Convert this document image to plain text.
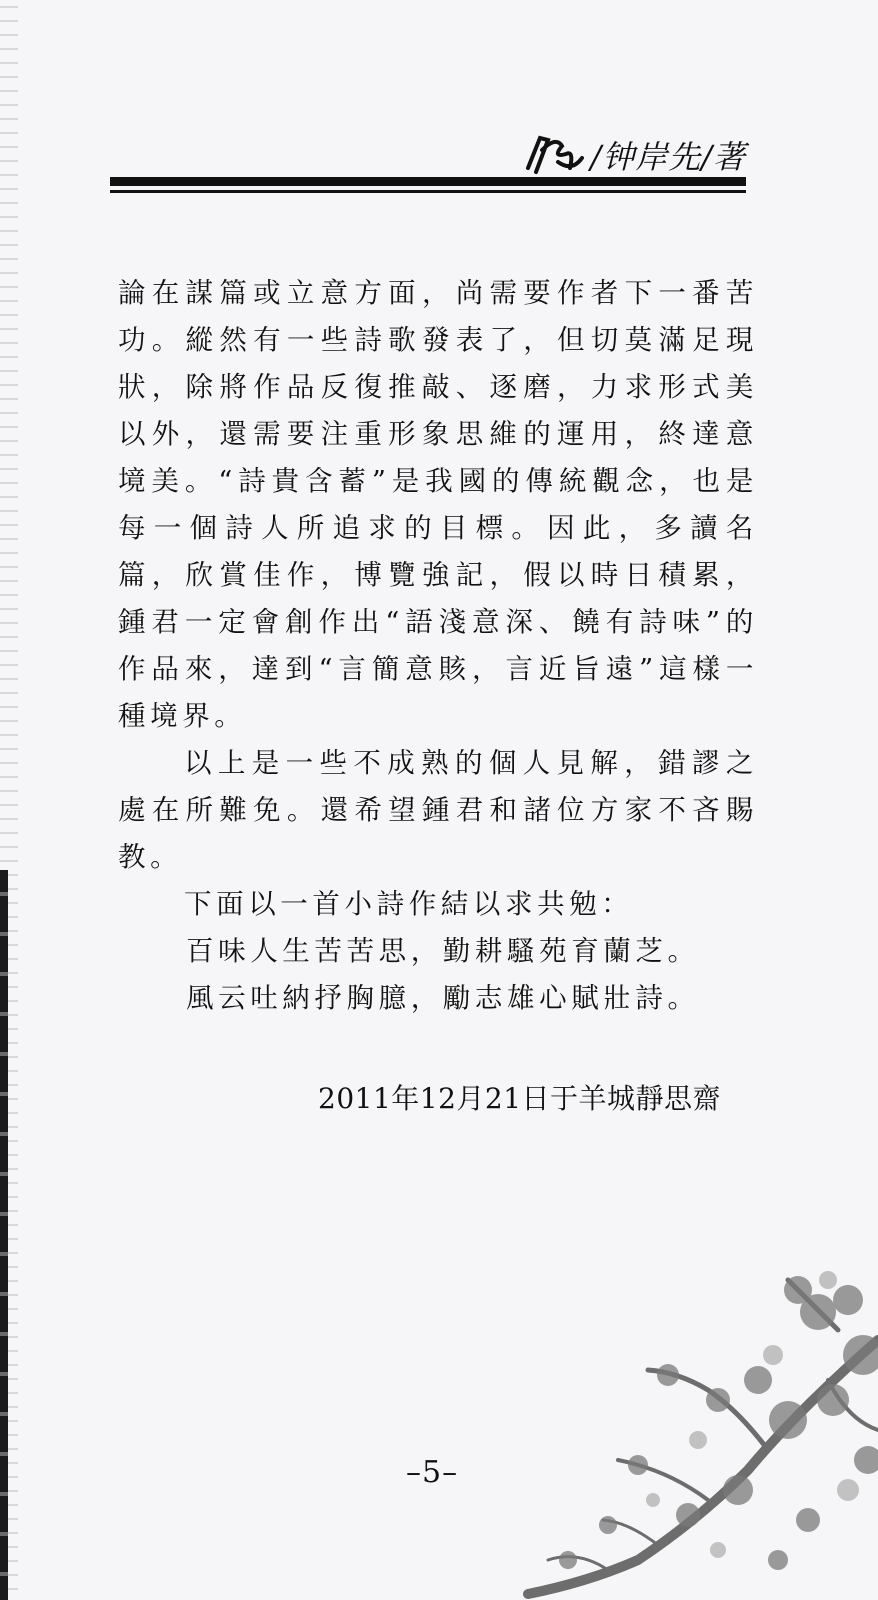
/钟岸先/著

論在謀篇或立意方面，尚需要作者下一番苦功。縱然有一些詩歌發表了，但切莫滿足現狀，除將作品反復推敲、逐磨，力求形式美以外，還需要注重形象思維的運用，終達意境美。“詩貴含蓄”是我國的傳統觀念，也是每一個詩人所追求的目標。因此，多讀名篇，欣賞佳作，博覽強記，假以時日積累，鍾君一定會創作出“語淺意深、饒有詩味”的作品來，達到“言簡意賅，言近旨遠”這樣一種境界。

以上是一些不成熟的個人見解，錯謬之處在所難免。還希望鍾君和諸位方家不吝賜教。

下面以一首小詩作結以求共勉：

百味人生苦苦思，勤耕騷苑育蘭芝。

風云吐納抒胸臆，勵志雄心賦壯詩。

2011年12月21日于羊城靜思齋
–5–
